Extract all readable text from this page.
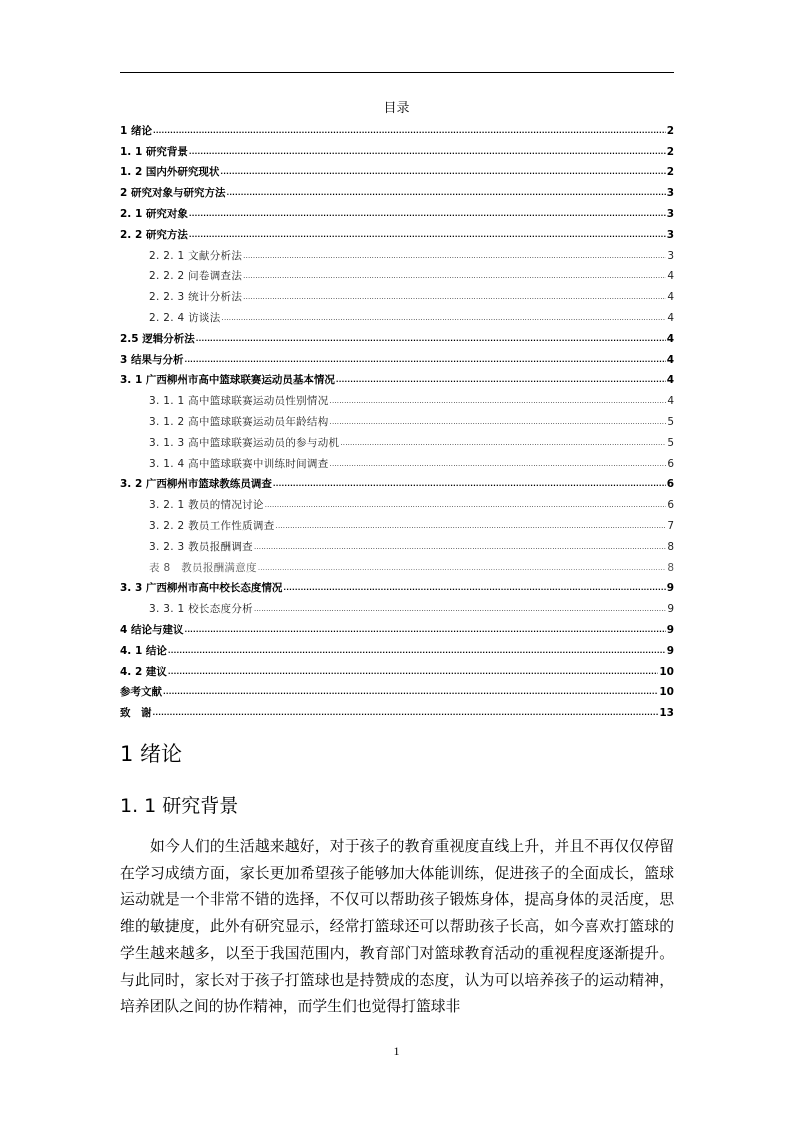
目录
1 绪论 .....	2
1. 1 研究背景 .....	2
1. 2 国内外研究现状 .....	2
2 研究对象与研究方法 .....	3
2. 1 研究对象 .....	3
2. 2 研究方法 .....	3
2. 2. 1 文献分析法 .....	3
2. 2. 2 问卷调查法 .....	4
2. 2. 3 统计分析法 .....	4
2. 2. 4 访谈法 .....	4
2.5 逻辑分析法 .....	4
3 结果与分析 .....	4
3. 1 广西柳州市高中篮球联赛运动员基本情况 .....	4
3. 1. 1 高中篮球联赛运动员性别情况 .....	4
3. 1. 2 高中篮球联赛运动员年龄结构 .....	5
3. 1. 3 高中篮球联赛运动员的参与动机 .....	5
3. 1. 4 高中篮球联赛中训练时间调查 .....	6
3. 2 广西柳州市篮球教练员调查 .....	6
3. 2. 1 教员的情况讨论 .....	6
3. 2. 2 教员工作性质调查 .....	7
3. 2. 3 教员报酬调查 .....	8
表 8　教员报酬满意度 .....	8
3. 3 广西柳州市高中校长态度情况 .....	9
3. 3. 1 校长态度分析 .....	9
4 结论与建议 .....	9
4. 1 结论 .....	9
4. 2 建议 .....	10
参考文献 .....	10
致　谢 .....	13
1 绪论
1. 1 研究背景

如今人们的生活越来越好，对于孩子的教育重视度直线上升，并且不再仅仅停留在学习成绩方面，家长更加希望孩子能够加大体能训练，促进孩子的全面成长，篮球运动就是一个非常不错的选择，不仅可以帮助孩子锻炼身体，提高身体的灵活度，思维的敏捷度，此外有研究显示，经常打篮球还可以帮助孩子长高，如今喜欢打篮球的学生越来越多，以至于我国范围内，教育部门对篮球教育活动的重视程度逐渐提升。与此同时，家长对于孩子打篮球也是持赞成的态度，认为可以培养孩子的运动精神，培养团队之间的协作精神，而学生们也觉得打篮球非

1
